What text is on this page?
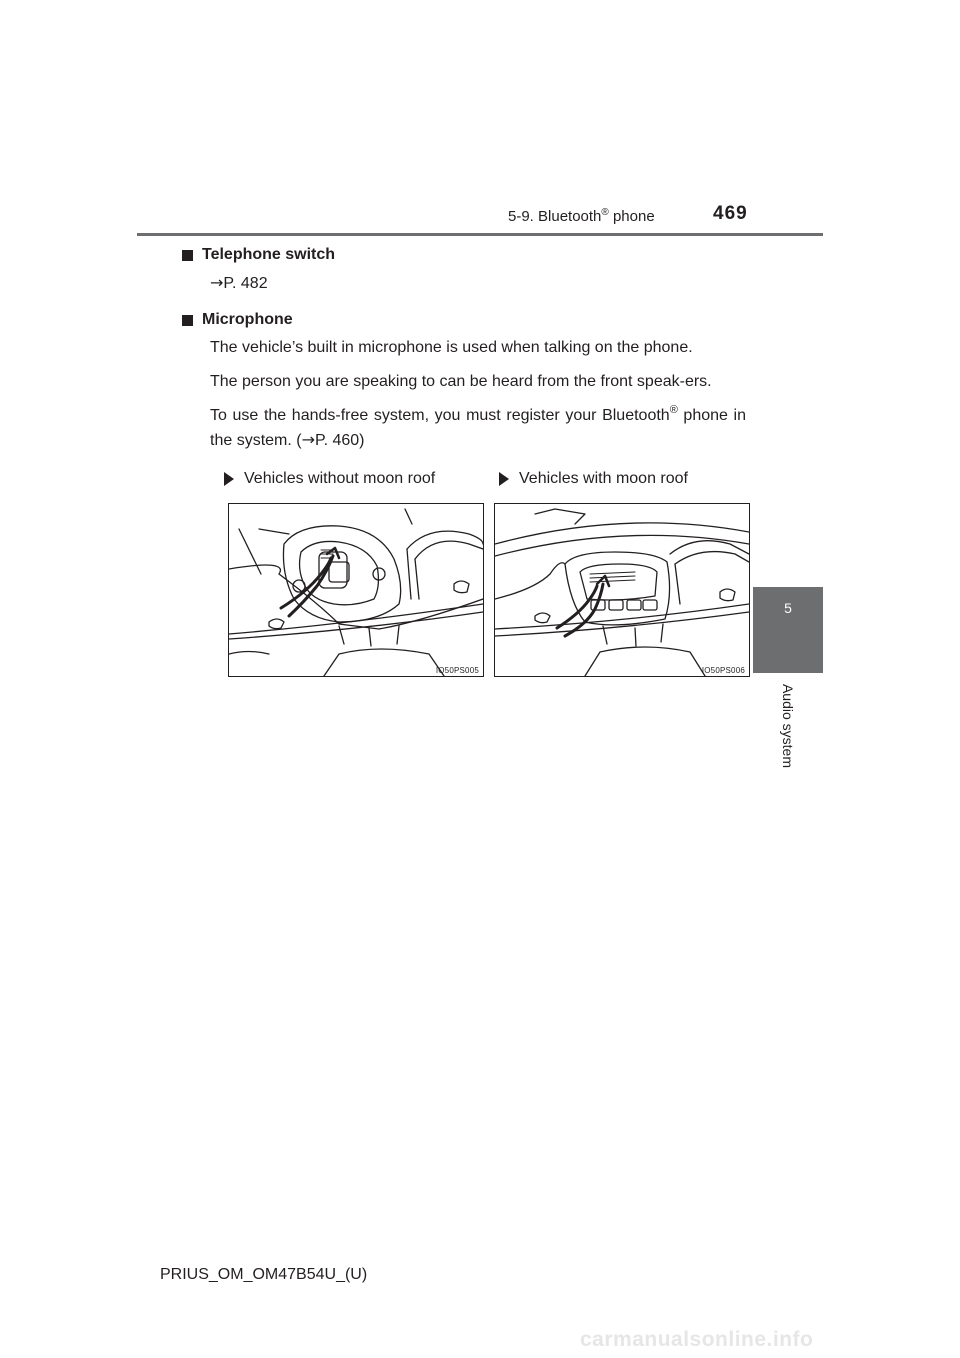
5-9. Bluetooth® phone	469
5
Audio system
Telephone switch

→P. 482

Microphone

The vehicle’s built in microphone is used when talking on the phone.

The person you are speaking to can be heard from the front speak-ers.

To use the hands-free system, you must register your Bluetooth® phone in the system. (→P. 460)

Vehicles without moon roof	Vehicles with moon roof
IO50PS005	IO50PS006
PRIUS_OM_OM47B54U_(U)
carmanualsonline.info
